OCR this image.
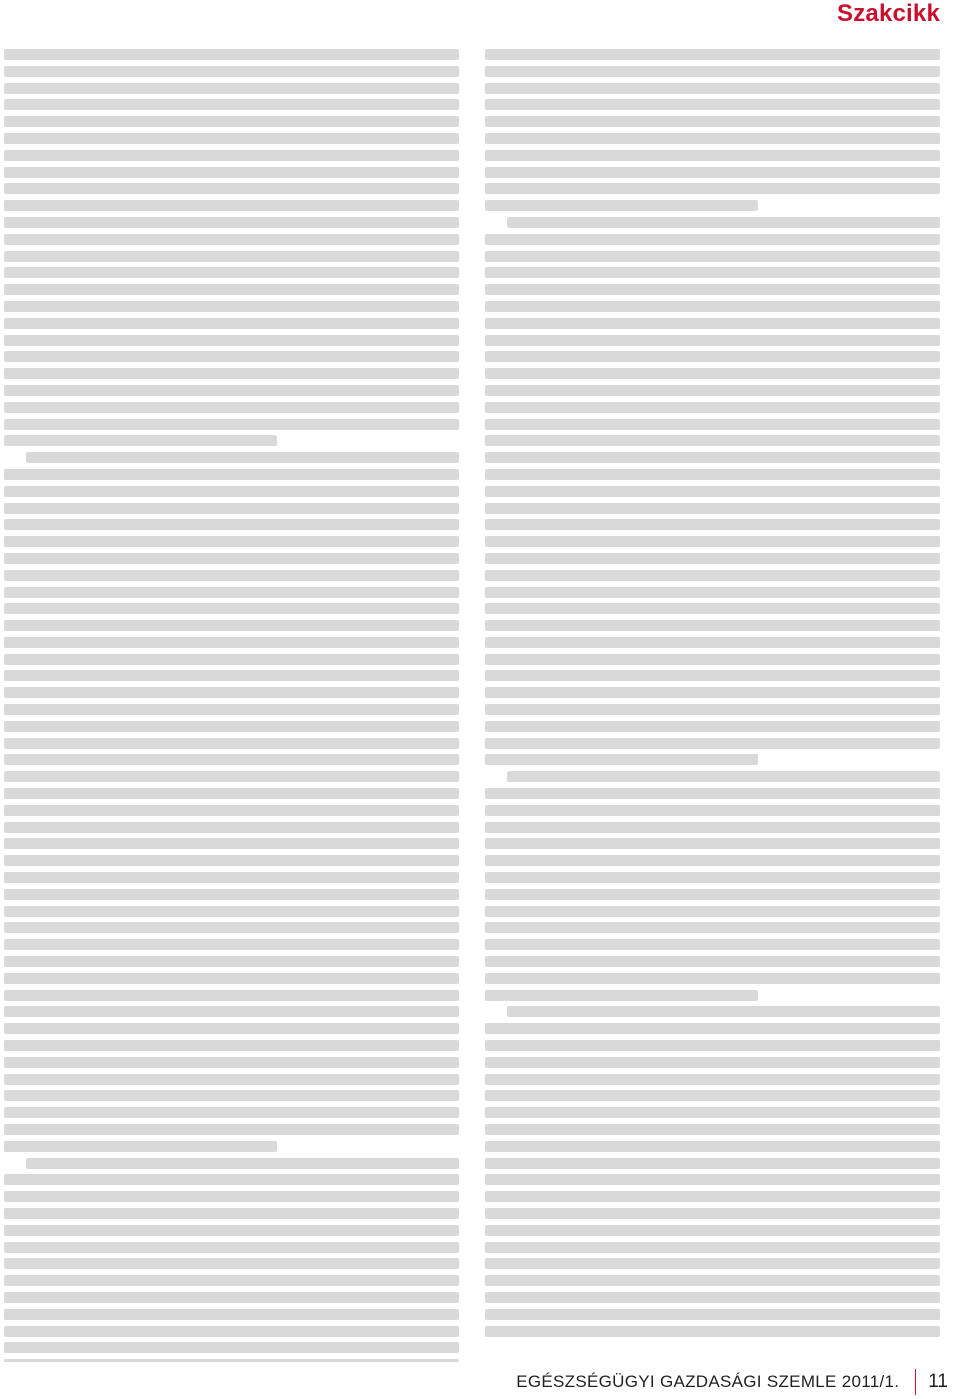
Szakcikk
EGÉSZSÉGÜGYI GAZDASÁGI SZEMLE 2011/1. 11
